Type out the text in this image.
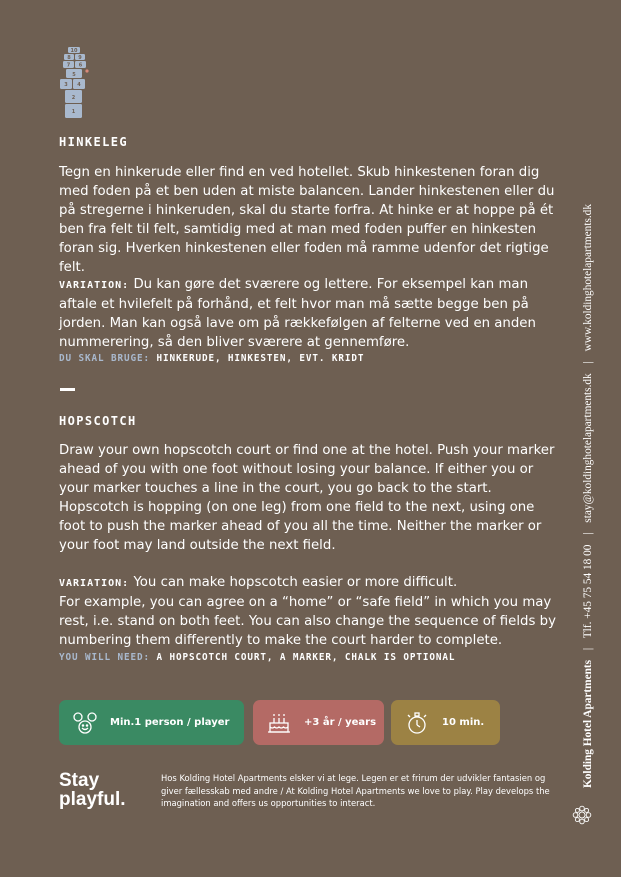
10
8 9
7 6
5
3 4
2
1
HINKELEG

Tegn en hinkerude eller find en ved hotellet. Skub hinkestenen foran dig med foden på et ben uden at miste balancen. Lander hinkestenen eller du på stregerne i hinkeruden, skal du starte forfra. At hinke er at hoppe på ét ben fra felt til felt, samtidig med at man med foden puffer en hinkesten foran sig. Hverken hinkestenen eller foden må ramme udenfor det rigtige felt.

VARIATION: Du kan gøre det sværere og lettere. For eksempel kan man aftale et hvilefelt på forhånd, et felt hvor man må sætte begge ben på jorden. Man kan også lave om på rækkefølgen af felterne ved en anden nummerering, så den bliver sværere at gennemføre.

DU SKAL BRUGE: HINKERUDE, HINKESTEN, EVT. KRIDT
HOPSCOTCH

Draw your own hopscotch court or find one at the hotel. Push your marker ahead of you with one foot without losing your balance. If either you or your marker touches a line in the court, you go back to the start. Hopscotch is hopping (on one leg) from one field to the next, using one foot to push the marker ahead of you all the time. Neither the marker or your foot may land outside the next field.

VARIATION: You can make hopscotch easier or more difficult.
For example, you can agree on a “home” or “safe field” in which you may rest, i.e. stand on both feet. You can also change the sequence of fields by numbering them differently to make the court harder to complete.

YOU WILL NEED: A HOPSCOTCH COURT, A MARKER, CHALK IS OPTIONAL
Min.1 person / player	+3 år / years	10 min.
Stay
playful.
Hos Kolding Hotel Apartments elsker vi at lege. Legen er et frirum der udvikler fantasien og giver fællesskab med andre / At Kolding Hotel Apartments we love to play. Play develops the imagination and offers us opportunities to interact.
Kolding Hotel Apartments | Tlf. +45 75 54 18 00 | stay@koldinghotelapartments.dk | www.koldinghotelapartments.dk
